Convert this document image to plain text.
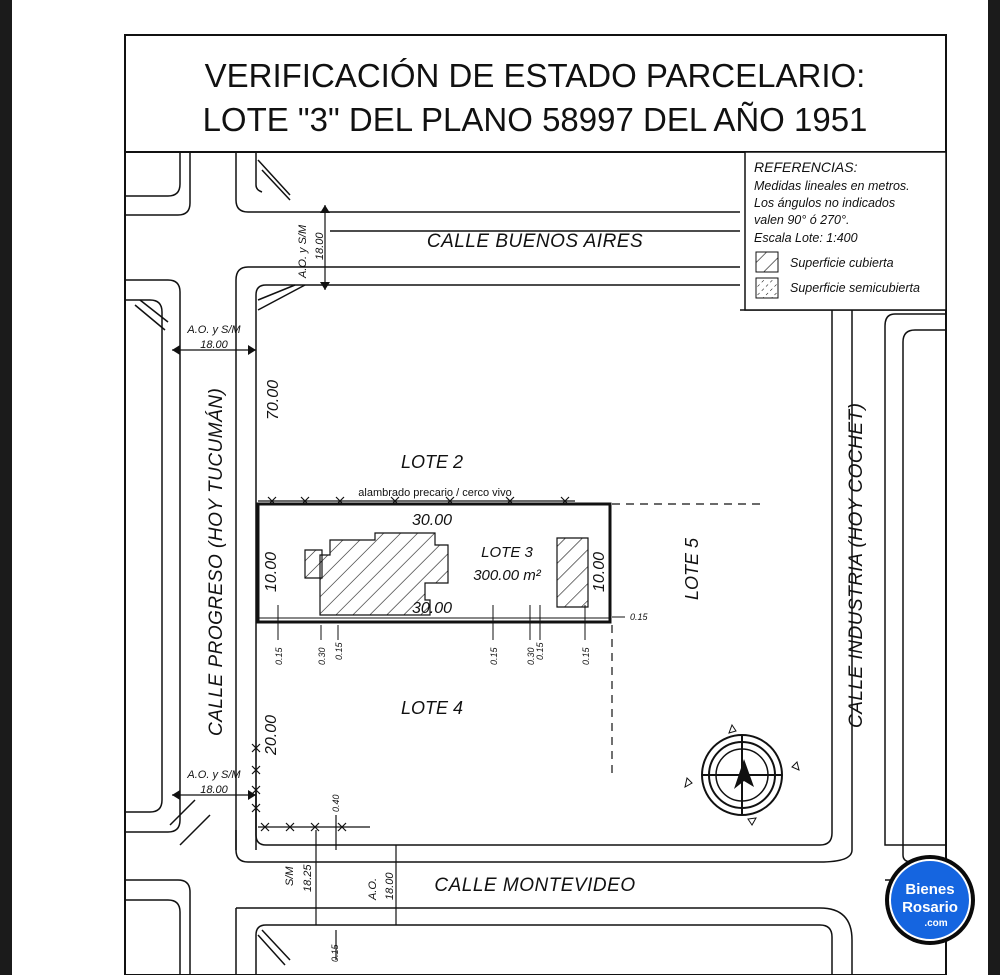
VERIFICACIÓN DE ESTADO PARCELARIO:
LOTE "3" DEL PLANO 58997 DEL AÑO 1951
CALLE BUENOS AIRES
A.O. y S/M 18.00
REFERENCIAS:
Medidas lineales en metros.
Los ángulos no indicados
valen 90° ó 270°.
Escala Lote: 1:400
Superficie cubierta
Superficie semicubierta
A.O. y S/M
18.00
A.O. y S/M
18.00
CALLE PROGRESO (HOY TUCUMÁN)	CALLE INDUSTRIA (HOY COCHET)
70.00
20.00
LOTE 2
LOTE 4
LOTE 5
alambrado precario / cerco vivo
LOTE 3
300.00 m²
30.00
30.00
10.00	10.00
0.15	0.30 0.15	0.15	0.30 0.15	0.15
0.15
S/M 18.25	A.O. 18.00
0.40
0.15
CALLE MONTEVIDEO	Bienes
Rosario
.com
